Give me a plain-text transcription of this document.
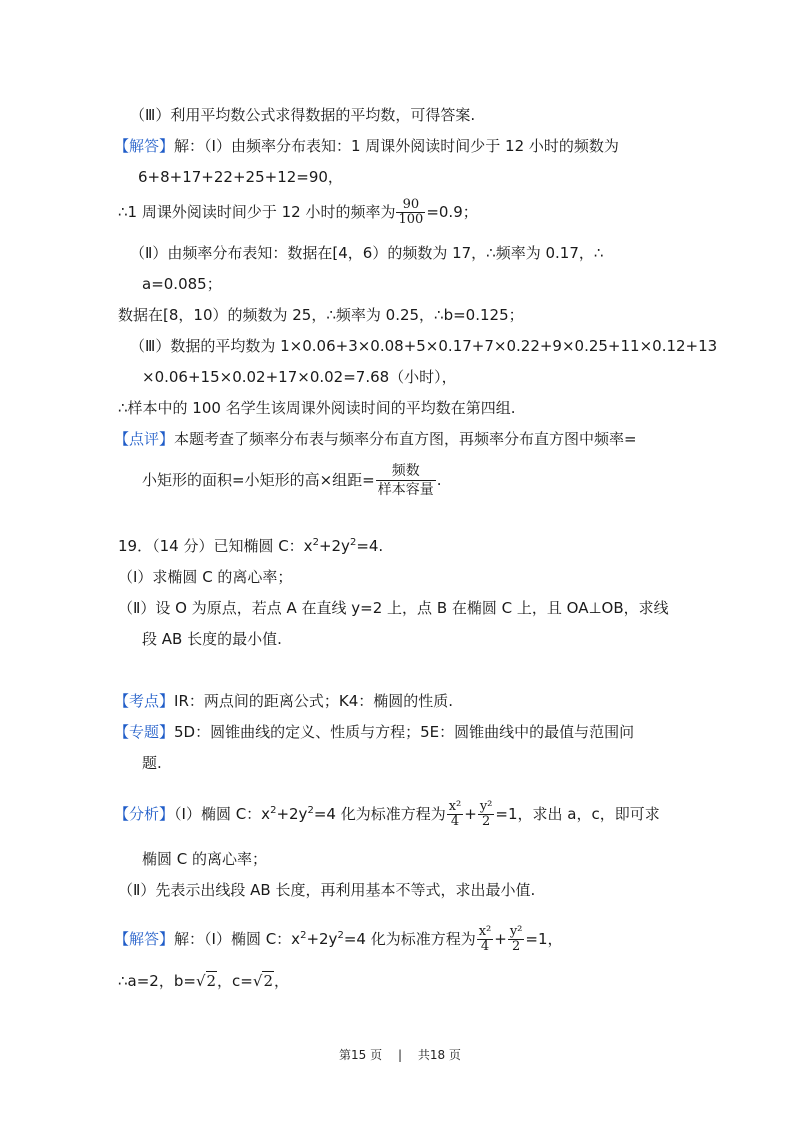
（Ⅲ）利用平均数公式求得数据的平均数，可得答案.
【解答】解：（Ⅰ）由频率分布表知：1 周课外阅读时间少于 12 小时的频数为
6+8+17+22+25+12=90，
∴1 周课外阅读时间少于 12 小时的频率为 $\frac{90}{100} =0.9$；
（Ⅱ）由频率分布表知：数据在[4，6）的频数为 17，∴频率为 0.17，∴
a=0.085；
数据在[8，10）的频数为 25，∴频率为 0.25，∴b=0.125；
（Ⅲ）数据的平均数为 1×0.06+3×0.08+5×0.17+7×0.22+9×0.25+11×0.12+13
×0.06+15×0.02+17×0.02=7.68（小时），
∴样本中的 100 名学生该周课外阅读时间的平均数在第四组.
【点评】本题考查了频率分布表与频率分布直方图，再频率分布直方图中频率=
小矩形的面积=小矩形的高×组距= $\frac{\text{频数}}{\text{样本容量}}$ .
19．（14 分）已知椭圆 C：$x^2+2y^2=4$.
（Ⅰ）求椭圆 C 的离心率；
（Ⅱ）设 O 为原点，若点 A 在直线 y=2 上，点 B 在椭圆 C 上，且 OA⊥OB，求线
段 AB 长度的最小值.
【考点】IR：两点间的距离公式；K4：椭圆的性质.
【专题】5D：圆锥曲线的定义、性质与方程；5E：圆锥曲线中的最值与范围问
题.
【分析】（Ⅰ）椭圆 C：$x^2+2y^2=4$ 化为标准方程为 $\frac{\text{x²}}{4} + \frac{\text{y²}}{2} =1$，求出 a，c，即可求
椭圆 C 的离心率；
（Ⅱ）先表示出线段 AB 长度，再利用基本不等式，求出最小值.
【解答】解：（Ⅰ）椭圆 C：$x^2+2y^2=4$ 化为标准方程为 $\frac{\text{x²}}{4} + \frac{\text{y²}}{2} =1$，
∴a=2，b=√2，c=√2，
第15 页 | 共18 页
